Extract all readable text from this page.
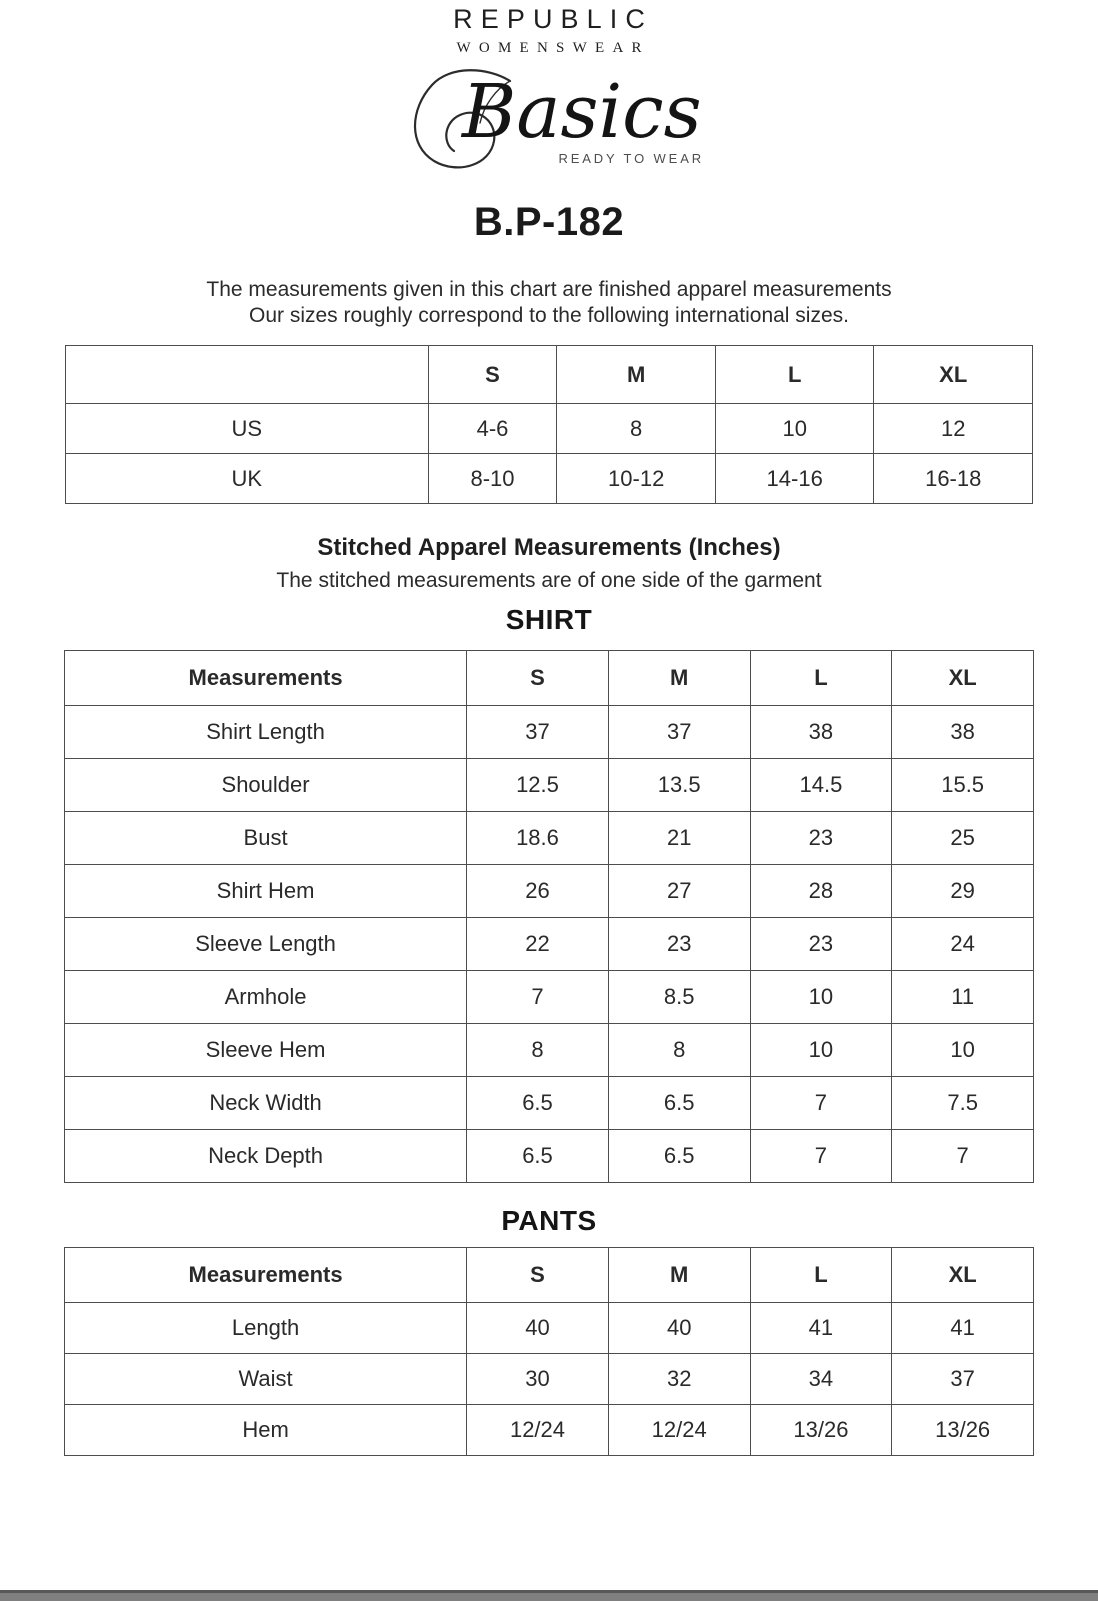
REPUBLIC
WOMENSWEAR
Basics
READY TO WEAR
B.P-182
The measurements given in this chart are finished apparel measurements
Our sizes roughly correspond to the following international sizes.
	S	M	L	XL
US	4-6	8	10	12
UK	8-10	10-12	14-16	16-18
Stitched Apparel Measurements (Inches)

The stitched measurements are of one side of the garment

SHIRT
Measurements	S	M	L	XL
Shirt Length	37	37	38	38
Shoulder	12.5	13.5	14.5	15.5
Bust	18.6	21	23	25
Shirt Hem	26	27	28	29
Sleeve Length	22	23	23	24
Armhole	7	8.5	10	11
Sleeve Hem	8	8	10	10
Neck Width	6.5	6.5	7	7.5
Neck Depth	6.5	6.5	7	7
PANTS
Measurements	S	M	L	XL
Length	40	40	41	41
Waist	30	32	34	37
Hem	12/24	12/24	13/26	13/26
